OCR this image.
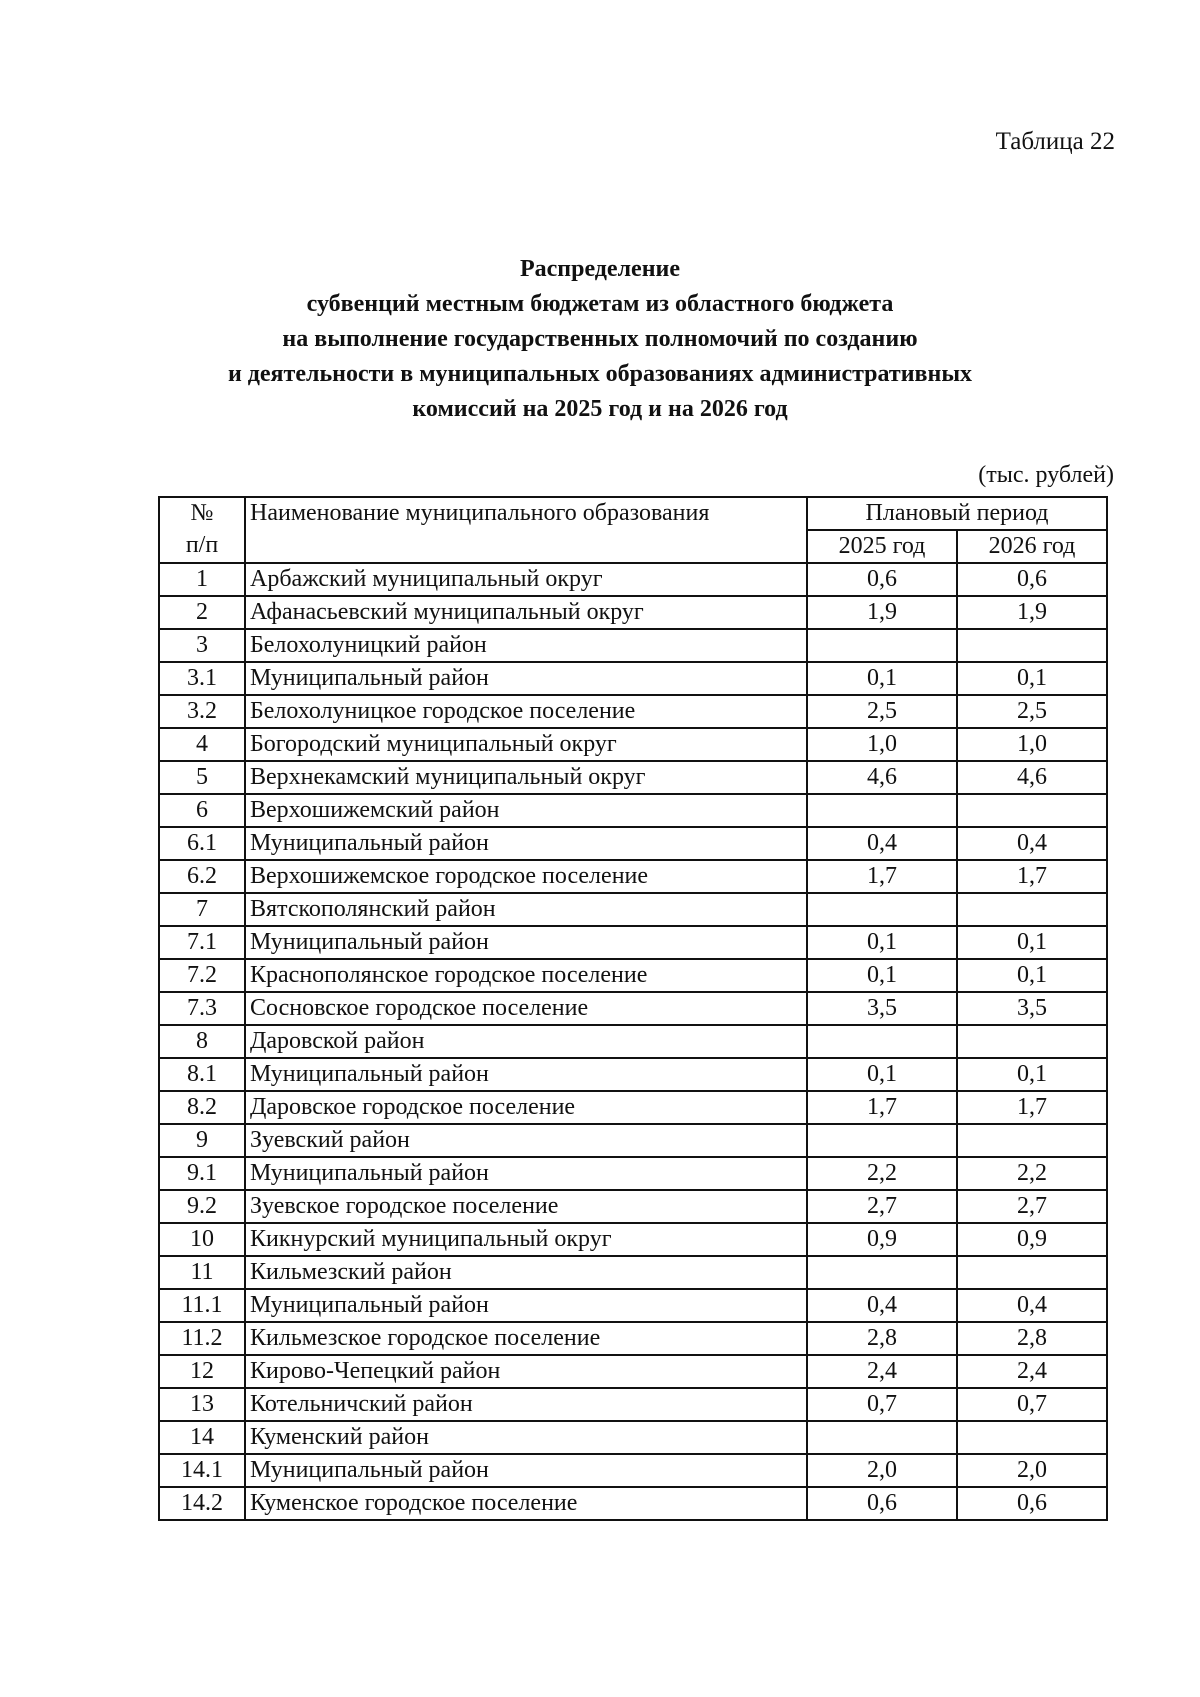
Таблица 22
Распределение
субвенций местным бюджетам из областного бюджета
на выполнение государственных полномочий по созданию
и деятельности в муниципальных образованиях административных
комиссий на 2025 год и на 2026 год
(тыс. рублей)
№	Наименование муниципального образования	Плановый период	
п/п		2025 год	2026 год
1	Арбажский муниципальный округ	0,6	0,6
2	Афанасьевский муниципальный округ	1,9	1,9
3	Белохолуницкий район		
3.1	Муниципальный район	0,1	0,1
3.2	Белохолуницкое городское поселение	2,5	2,5
4	Богородский муниципальный округ	1,0	1,0
5	Верхнекамский муниципальный округ	4,6	4,6
6	Верхошижемский район		
6.1	Муниципальный район	0,4	0,4
6.2	Верхошижемское городское поселение	1,7	1,7
7	Вятскополянский район		
7.1	Муниципальный район	0,1	0,1
7.2	Краснополянское городское поселение	0,1	0,1
7.3	Сосновское городское поселение	3,5	3,5
8	Даровской район		
8.1	Муниципальный район	0,1	0,1
8.2	Даровское городское поселение	1,7	1,7
9	Зуевский район		
9.1	Муниципальный район	2,2	2,2
9.2	Зуевское городское поселение	2,7	2,7
10	Кикнурский муниципальный округ	0,9	0,9
11	Кильмезский район		
11.1	Муниципальный район	0,4	0,4
11.2	Кильмезское городское поселение	2,8	2,8
12	Кирово-Чепецкий район	2,4	2,4
13	Котельничский район	0,7	0,7
14	Куменский район		
14.1	Муниципальный район	2,0	2,0
14.2	Куменское городское поселение	0,6	0,6
